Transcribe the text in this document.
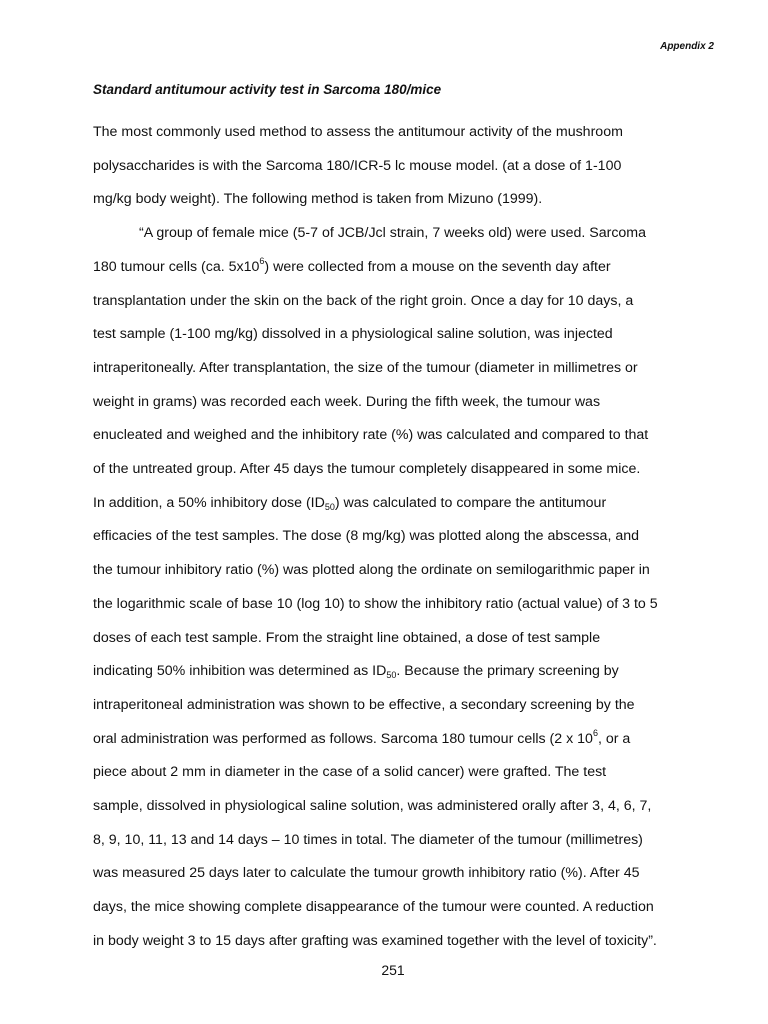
Appendix 2
Standard antitumour activity test in Sarcoma 180/mice
The most commonly used method to assess the antitumour activity of the mushroom
polysaccharides is with the Sarcoma 180/ICR-5 lc mouse model. (at a dose of 1-100
mg/kg body weight). The following method is taken from Mizuno (1999).
“A group of female mice (5-7 of JCB/Jcl strain, 7 weeks old) were used. Sarcoma
180 tumour cells (ca. $5x10^6$) were collected from a mouse on the seventh day after
transplantation under the skin on the back of the right groin. Once a day for 10 days, a
test sample (1-100 mg/kg) dissolved in a physiological saline solution, was injected
intraperitoneally. After transplantation, the size of the tumour (diameter in millimetres or
weight in grams) was recorded each week. During the fifth week, the tumour was
enucleated and weighed and the inhibitory rate (%) was calculated and compared to that
of the untreated group. After 45 days the tumour completely disappeared in some mice.
In addition, a 50% inhibitory dose $(ID_{50})$ was calculated to compare the antitumour
efficacies of the test samples. The dose (8 mg/kg) was plotted along the abscessa, and
the tumour inhibitory ratio (%) was plotted along the ordinate on semilogarithmic paper in
the logarithmic scale of base 10 (log 10) to show the inhibitory ratio (actual value) of 3 to 5
doses of each test sample. From the straight line obtained, a dose of test sample
indicating 50% inhibition was determined as $ID_{50}$. Because the primary screening by
intraperitoneal administration was shown to be effective, a secondary screening by the
oral administration was performed as follows. Sarcoma 180 tumour cells (2 x $10^6$, or a
piece about 2 mm in diameter in the case of a solid cancer) were grafted. The test
sample, dissolved in physiological saline solution, was administered orally after 3, 4, 6, 7,
8, 9, 10, 11, 13 and 14 days – 10 times in total. The diameter of the tumour (millimetres)
was measured 25 days later to calculate the tumour growth inhibitory ratio (%). After 45
days, the mice showing complete disappearance of the tumour were counted. A reduction
in body weight 3 to 15 days after grafting was examined together with the level of toxicity”.
251
